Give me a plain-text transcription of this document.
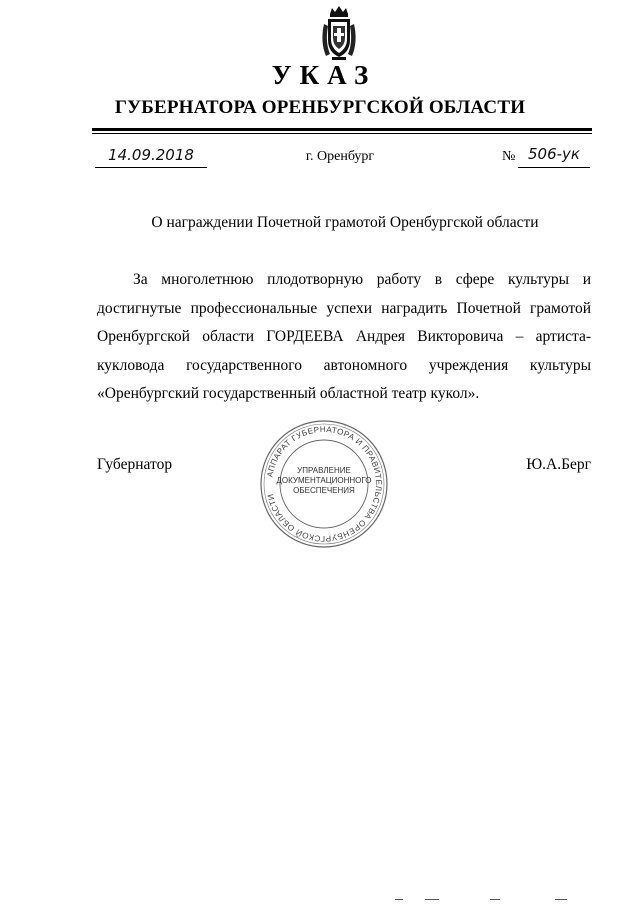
УКАЗ
ГУБЕРНАТОРА ОРЕНБУРГСКОЙ ОБЛАСТИ
14.09.2018	г. Оренбург	№ 506-ук
О награждении Почетной грамотой Оренбургской области
За многолетнюю плодотворную работу в сфере культуры и достигнутые профессиональные успехи наградить Почетной грамотой Оренбургской области ГОРДЕЕВА Андрея Викторовича – артиста-кукловода государственного автономного учреждения культуры «Оренбургский государственный областной театр кукол».
Губернатор	Ю.А.Берг
АППАРАТ ГУБЕРНАТОРА И ПРАВИТЕЛЬСТВА ОРЕНБУРГСКОЙ ОБЛАСТИ
УПРАВЛЕНИЕ
ДОКУМЕНТАЦИОННОГО
ОБЕСПЕЧЕНИЯ
